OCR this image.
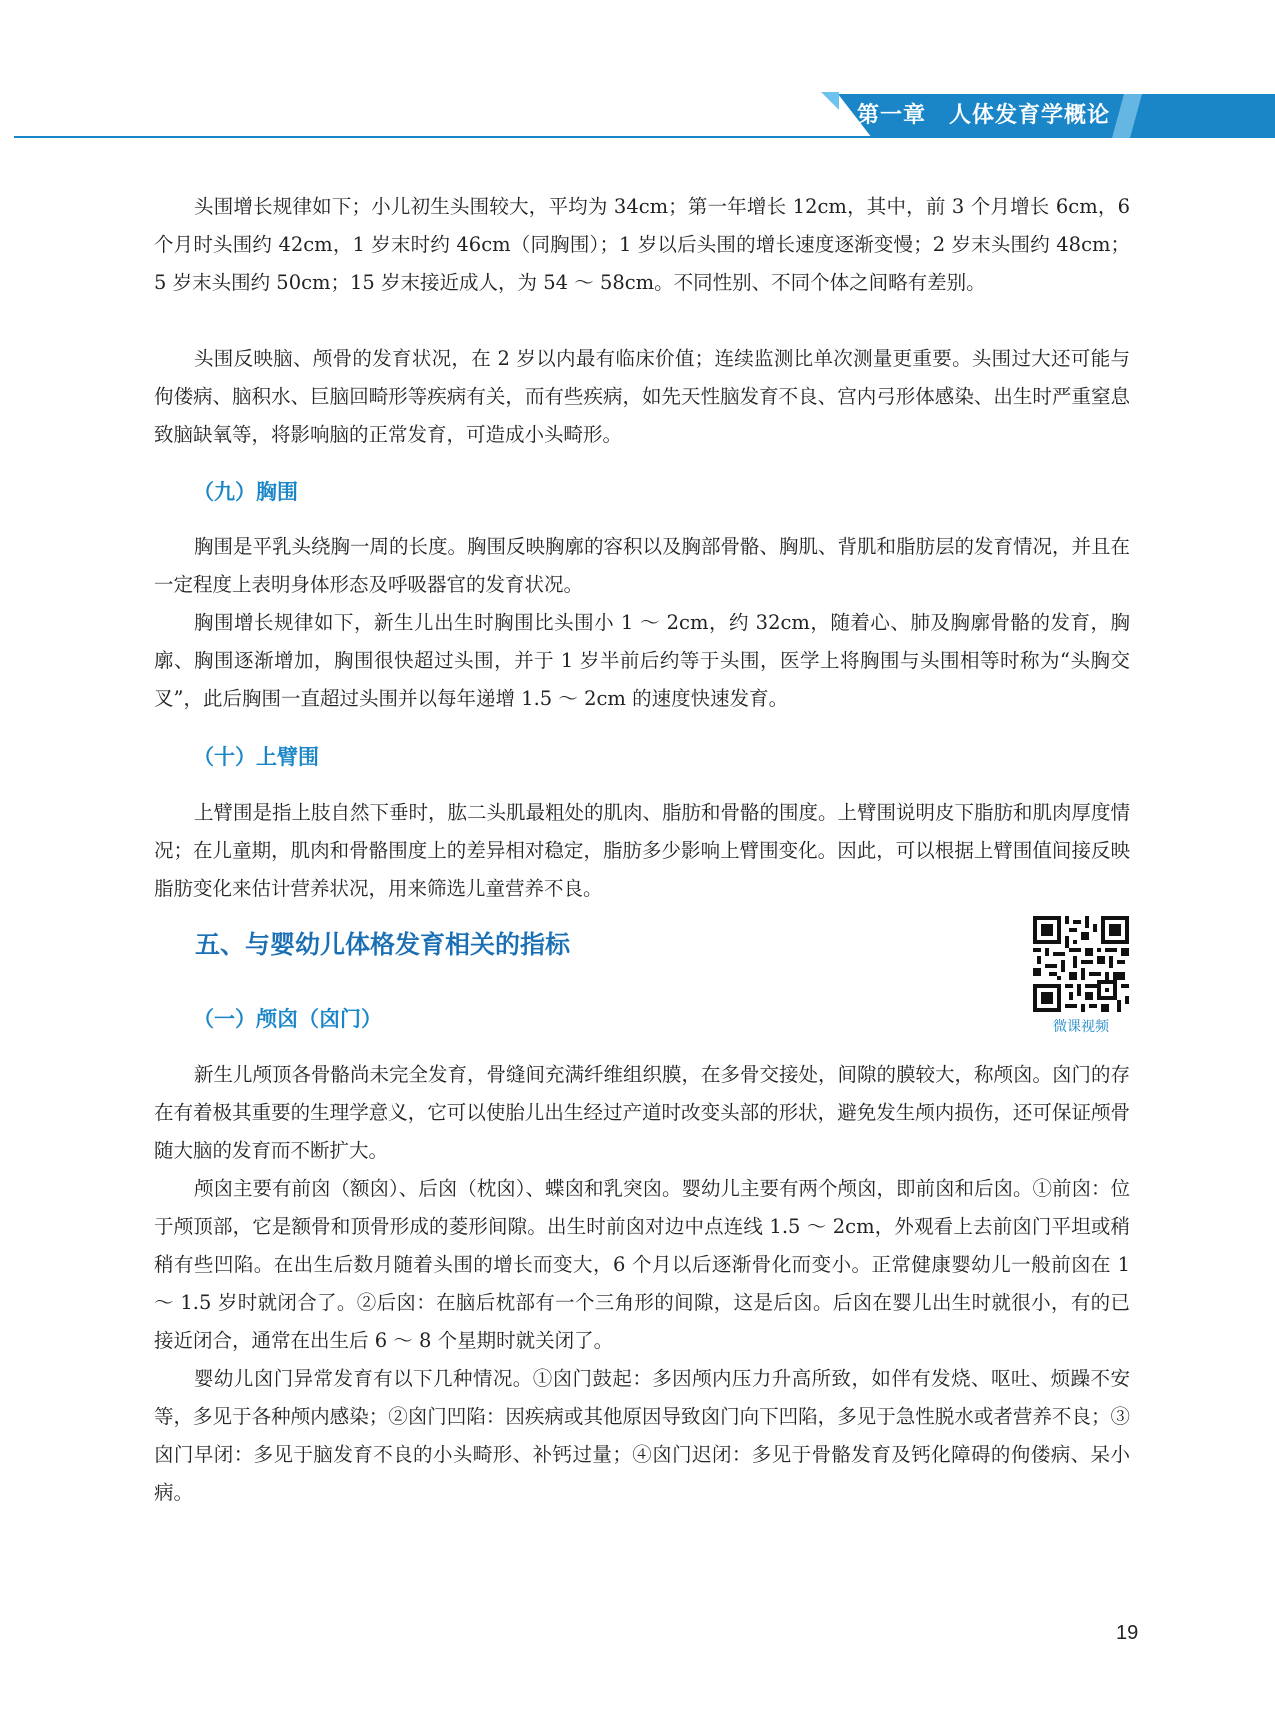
第一章　人体发育学概论

头围增长规律如下；小儿初生头围较大，平均为 34cm；第一年增长 12cm，其中，前 3 个月增长 6cm，6 个月时头围约 42cm，1 岁末时约 46cm（同胸围）；1 岁以后头围的增长速度逐渐变慢；2 岁末头围约 48cm；5 岁末头围约 50cm；15 岁末接近成人，为 54 ～ 58cm。不同性别、不同个体之间略有差别。

头围反映脑、颅骨的发育状况，在 2 岁以内最有临床价值；连续监测比单次测量更重要。头围过大还可能与佝偻病、脑积水、巨脑回畸形等疾病有关，而有些疾病，如先天性脑发育不良、宫内弓形体感染、出生时严重窒息致脑缺氧等，将影响脑的正常发育，可造成小头畸形。

（九）胸围

胸围是平乳头绕胸一周的长度。胸围反映胸廓的容积以及胸部骨骼、胸肌、背肌和脂肪层的发育情况，并且在一定程度上表明身体形态及呼吸器官的发育状况。

胸围增长规律如下，新生儿出生时胸围比头围小 1 ～ 2cm，约 32cm，随着心、肺及胸廓骨骼的发育，胸廓、胸围逐渐增加，胸围很快超过头围，并于 1 岁半前后约等于头围，医学上将胸围与头围相等时称为“头胸交叉”，此后胸围一直超过头围并以每年递增 1.5 ～ 2cm 的速度快速发育。

（十）上臂围

上臂围是指上肢自然下垂时，肱二头肌最粗处的肌肉、脂肪和骨骼的围度。上臂围说明皮下脂肪和肌肉厚度情况；在儿童期，肌肉和骨骼围度上的差异相对稳定，脂肪多少影响上臂围变化。因此，可以根据上臂围值间接反映脂肪变化来估计营养状况，用来筛选儿童营养不良。

五、与婴幼儿体格发育相关的指标
微课视频
（一）颅囟（囟门）

新生儿颅顶各骨骼尚未完全发育，骨缝间充满纤维组织膜，在多骨交接处，间隙的膜较大，称颅囟。囟门的存在有着极其重要的生理学意义，它可以使胎儿出生经过产道时改变头部的形状，避免发生颅内损伤，还可保证颅骨随大脑的发育而不断扩大。

颅囟主要有前囟（额囟）、后囟（枕囟）、蝶囟和乳突囟。婴幼儿主要有两个颅囟，即前囟和后囟。①前囟：位于颅顶部，它是额骨和顶骨形成的菱形间隙。出生时前囟对边中点连线 1.5 ～ 2cm，外观看上去前囟门平坦或稍稍有些凹陷。在出生后数月随着头围的增长而变大，6 个月以后逐渐骨化而变小。正常健康婴幼儿一般前囟在 1 ～ 1.5 岁时就闭合了。②后囟：在脑后枕部有一个三角形的间隙，这是后囟。后囟在婴儿出生时就很小，有的已接近闭合，通常在出生后 6 ～ 8 个星期时就关闭了。

婴幼儿囟门异常发育有以下几种情况。①囟门鼓起：多因颅内压力升高所致，如伴有发烧、呕吐、烦躁不安等，多见于各种颅内感染；②囟门凹陷：因疾病或其他原因导致囟门向下凹陷，多见于急性脱水或者营养不良；③囟门早闭：多见于脑发育不良的小头畸形、补钙过量；④囟门迟闭：多见于骨骼发育及钙化障碍的佝偻病、呆小病。

19
